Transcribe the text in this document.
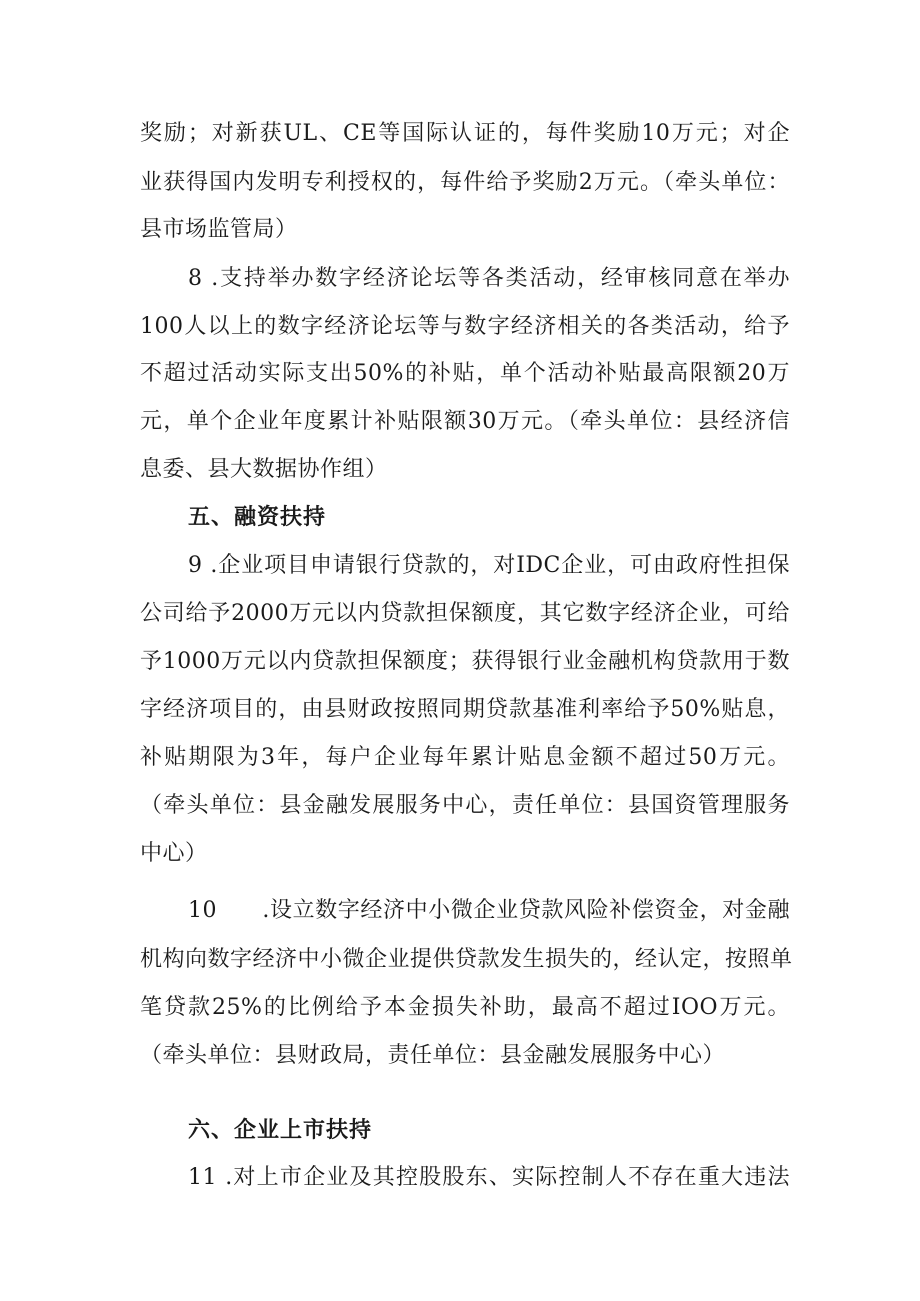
奖励；对新获UL、CE等国际认证的，每件奖励10万元；对企
业获得国内发明专利授权的，每件给予奖励2万元。（牵头单位：
县市场监管局）
8 .支持举办数字经济论坛等各类活动，经审核同意在举办
100人以上的数字经济论坛等与数字经济相关的各类活动，给予
不超过活动实际支出50%的补贴，单个活动补贴最高限额20万
元，单个企业年度累计补贴限额30万元。（牵头单位：县经济信
息委、县大数据协作组）
五、融资扶持
9 .企业项目申请银行贷款的，对IDC企业，可由政府性担保
公司给予2000万元以内贷款担保额度，其它数字经济企业，可给
予1000万元以内贷款担保额度；获得银行业金融机构贷款用于数
字经济项目的，由县财政按照同期贷款基准利率给予50%贴息，
补贴期限为3年，每户企业每年累计贴息金额不超过50万元。
（牵头单位：县金融发展服务中心，责任单位：县国资管理服务
中心）
10　　.设立数字经济中小微企业贷款风险补偿资金，对金融
机构向数字经济中小微企业提供贷款发生损失的，经认定，按照单
笔贷款25%的比例给予本金损失补助，最高不超过IOO万元。
（牵头单位：县财政局，责任单位：县金融发展服务中心）
六、企业上市扶持
11 .对上市企业及其控股股东、实际控制人不存在重大违法
